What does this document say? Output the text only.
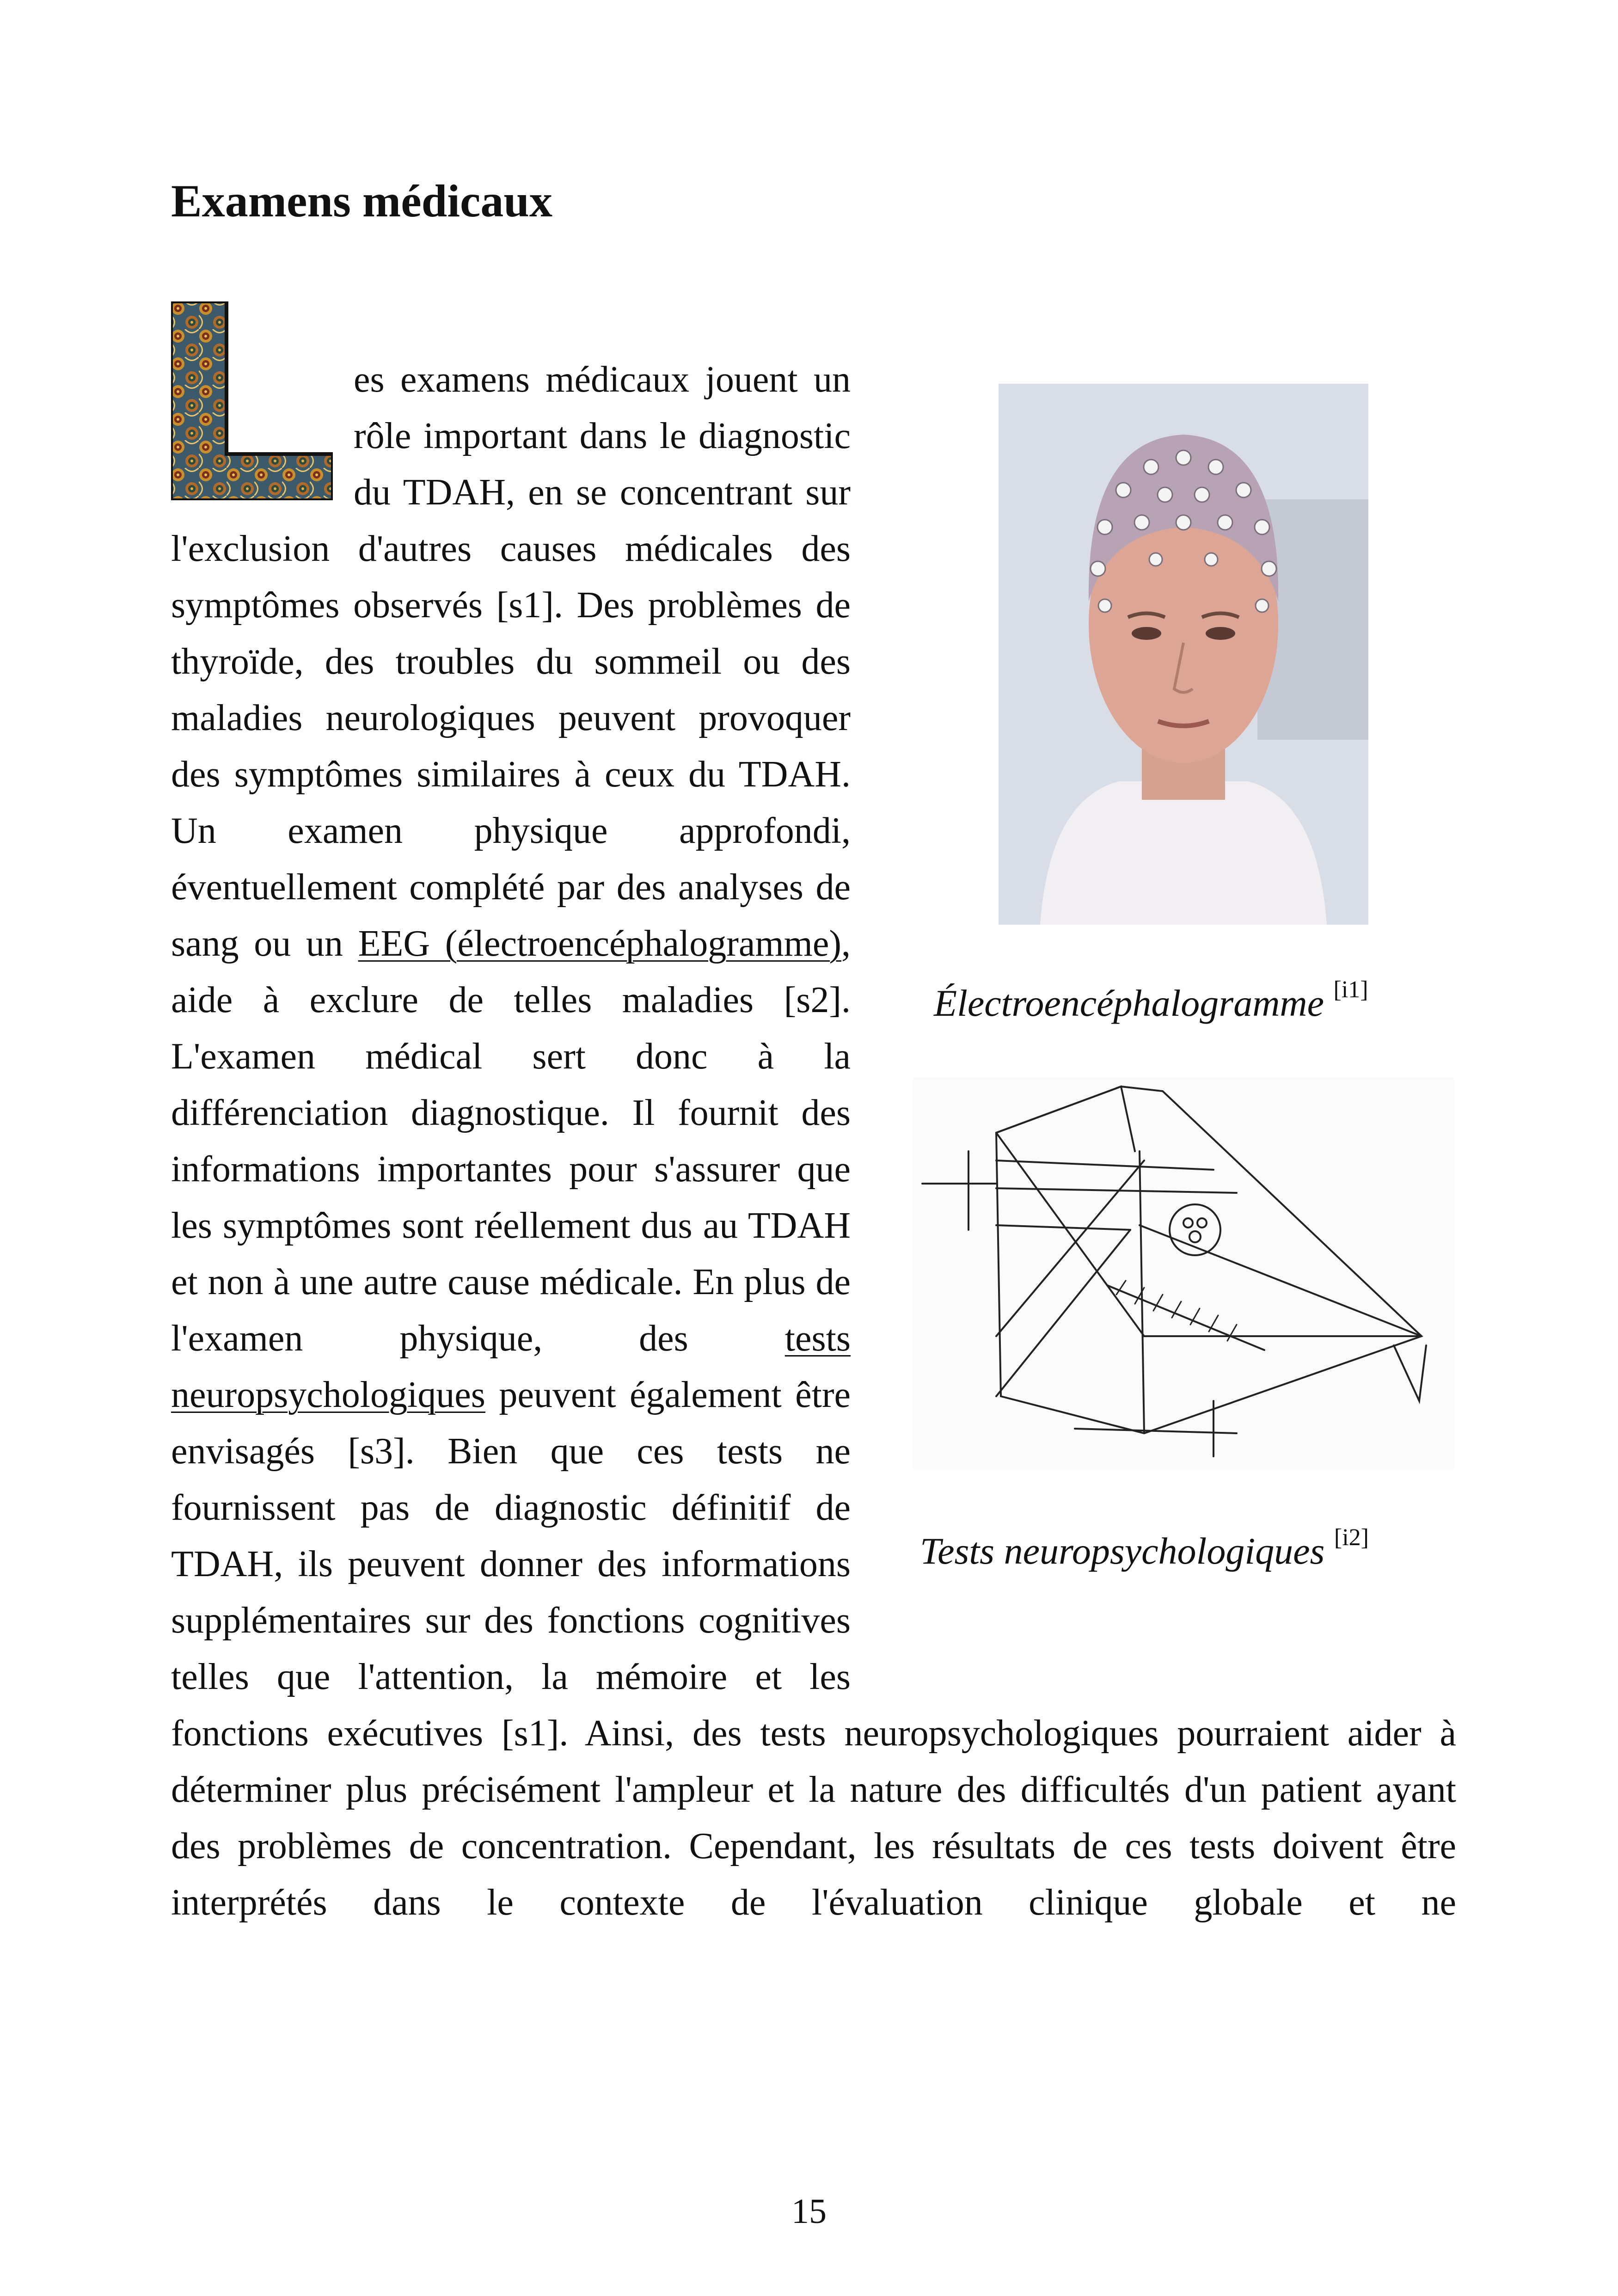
Examens médicaux
es examens médicaux jouent un rôle important dans le diagnostic du TDAH, en se concentrant sur l'exclusion d'autres causes médicales des symptômes observés [s1]. Des problèmes de thyroïde, des troubles du sommeil ou des maladies neurologiques peuvent provoquer des symptômes similaires à ceux du TDAH. Un examen physique approfondi, éventuellement complété par des analyses de sang ou un EEG (électroencéphalogramme), aide à exclure de telles maladies [s2]. L'examen médical sert donc à la différenciation diagnostique. Il fournit des informations importantes pour s'assurer que les symptômes sont réellement dus au TDAH et non à une autre cause médicale. En plus de l'examen physique, des tests neuropsychologiques peuvent également être envisagés [s3]. Bien que ces tests ne fournissent pas de diagnostic définitif de TDAH, ils peuvent donner des informations supplémentaires sur des fonctions cognitives telles que l'attention, la mémoire et les fonctions exécutives [s1]. Ainsi, des tests neuropsychologiques pourraient aider à déterminer plus précisément l'ampleur et la nature des difficultés d'un patient ayant des problèmes de concentration. Cependant, les résultats de ces tests doivent être interprétés dans le contexte de l'évaluation clinique globale et ne
Électroencéphalogramme [i1]
Tests neuropsychologiques [i2]
15
